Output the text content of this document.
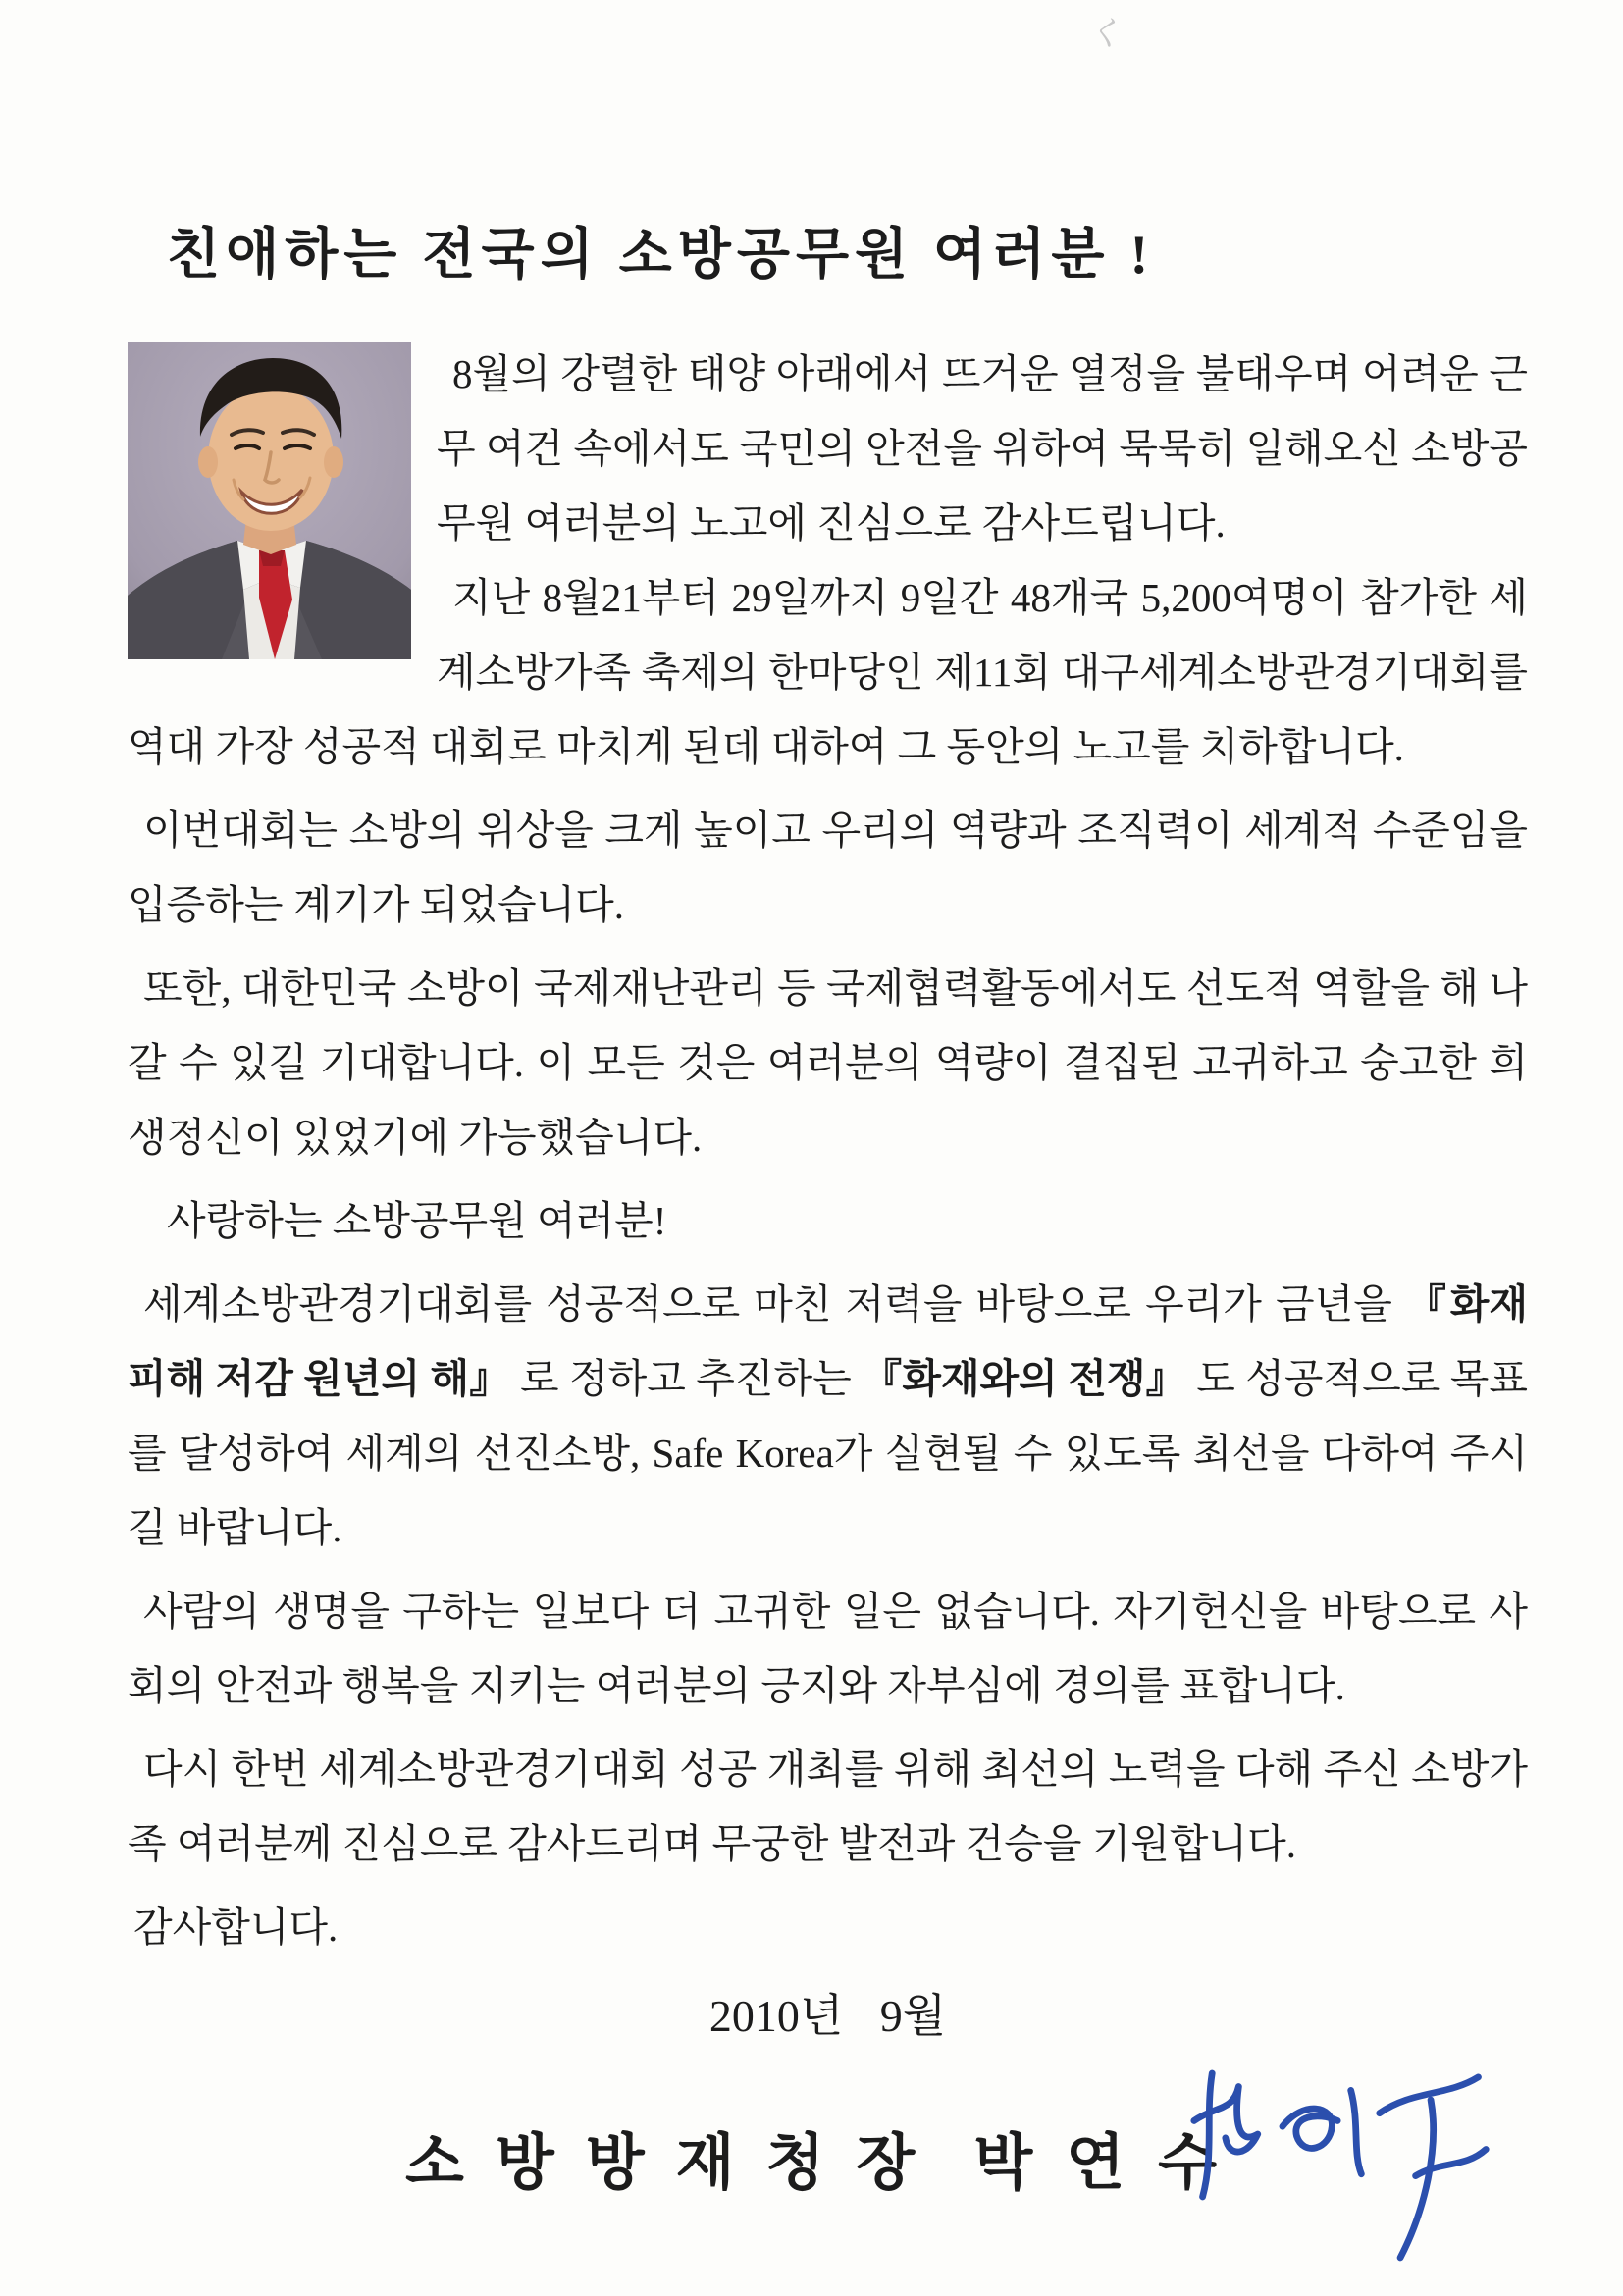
く
친애하는 전국의 소방공무원 여러분 !

8월의 강렬한 태양 아래에서 뜨거운 열정을 불태우며 어려운 근무 여건 속에서도 국민의 안전을 위하여 묵묵히 일해오신 소방공무원 여러분의 노고에 진심으로 감사드립니다.

지난 8월21부터 29일까지 9일간 48개국 5,200여명이 참가한 세계소방가족 축제의 한마당인 제11회 대구세계소방관경기대회를 역대 가장 성공적 대회로 마치게 된데 대하여 그 동안의 노고를 치하합니다.

이번대회는 소방의 위상을 크게 높이고 우리의 역량과 조직력이 세계적 수준임을 입증하는 계기가 되었습니다.

또한, 대한민국 소방이 국제재난관리 등 국제협력활동에서도 선도적 역할을 해 나갈 수 있길 기대합니다. 이 모든 것은 여러분의 역량이 결집된 고귀하고 숭고한 희생정신이 있었기에 가능했습니다.

사랑하는 소방공무원 여러분!

세계소방관경기대회를 성공적으로 마친 저력을 바탕으로 우리가 금년을 『화재 피해 저감 원년의 해』 로 정하고 추진하는 『화재와의 전쟁』 도 성공적으로 목표를 달성하여 세계의 선진소방, Safe Korea가 실현될 수 있도록 최선을 다하여 주시길 바랍니다.

사람의 생명을 구하는 일보다 더 고귀한 일은 없습니다. 자기헌신을 바탕으로 사회의 안전과 행복을 지키는 여러분의 긍지와 자부심에 경의를 표합니다.

다시 한번 세계소방관경기대회 성공 개최를 위해 최선의 노력을 다해 주신 소방가족 여러분께 진심으로 감사드리며 무궁한 발전과 건승을 기원합니다.

감사합니다.

2010년 9월
소방방재청장 박연수
